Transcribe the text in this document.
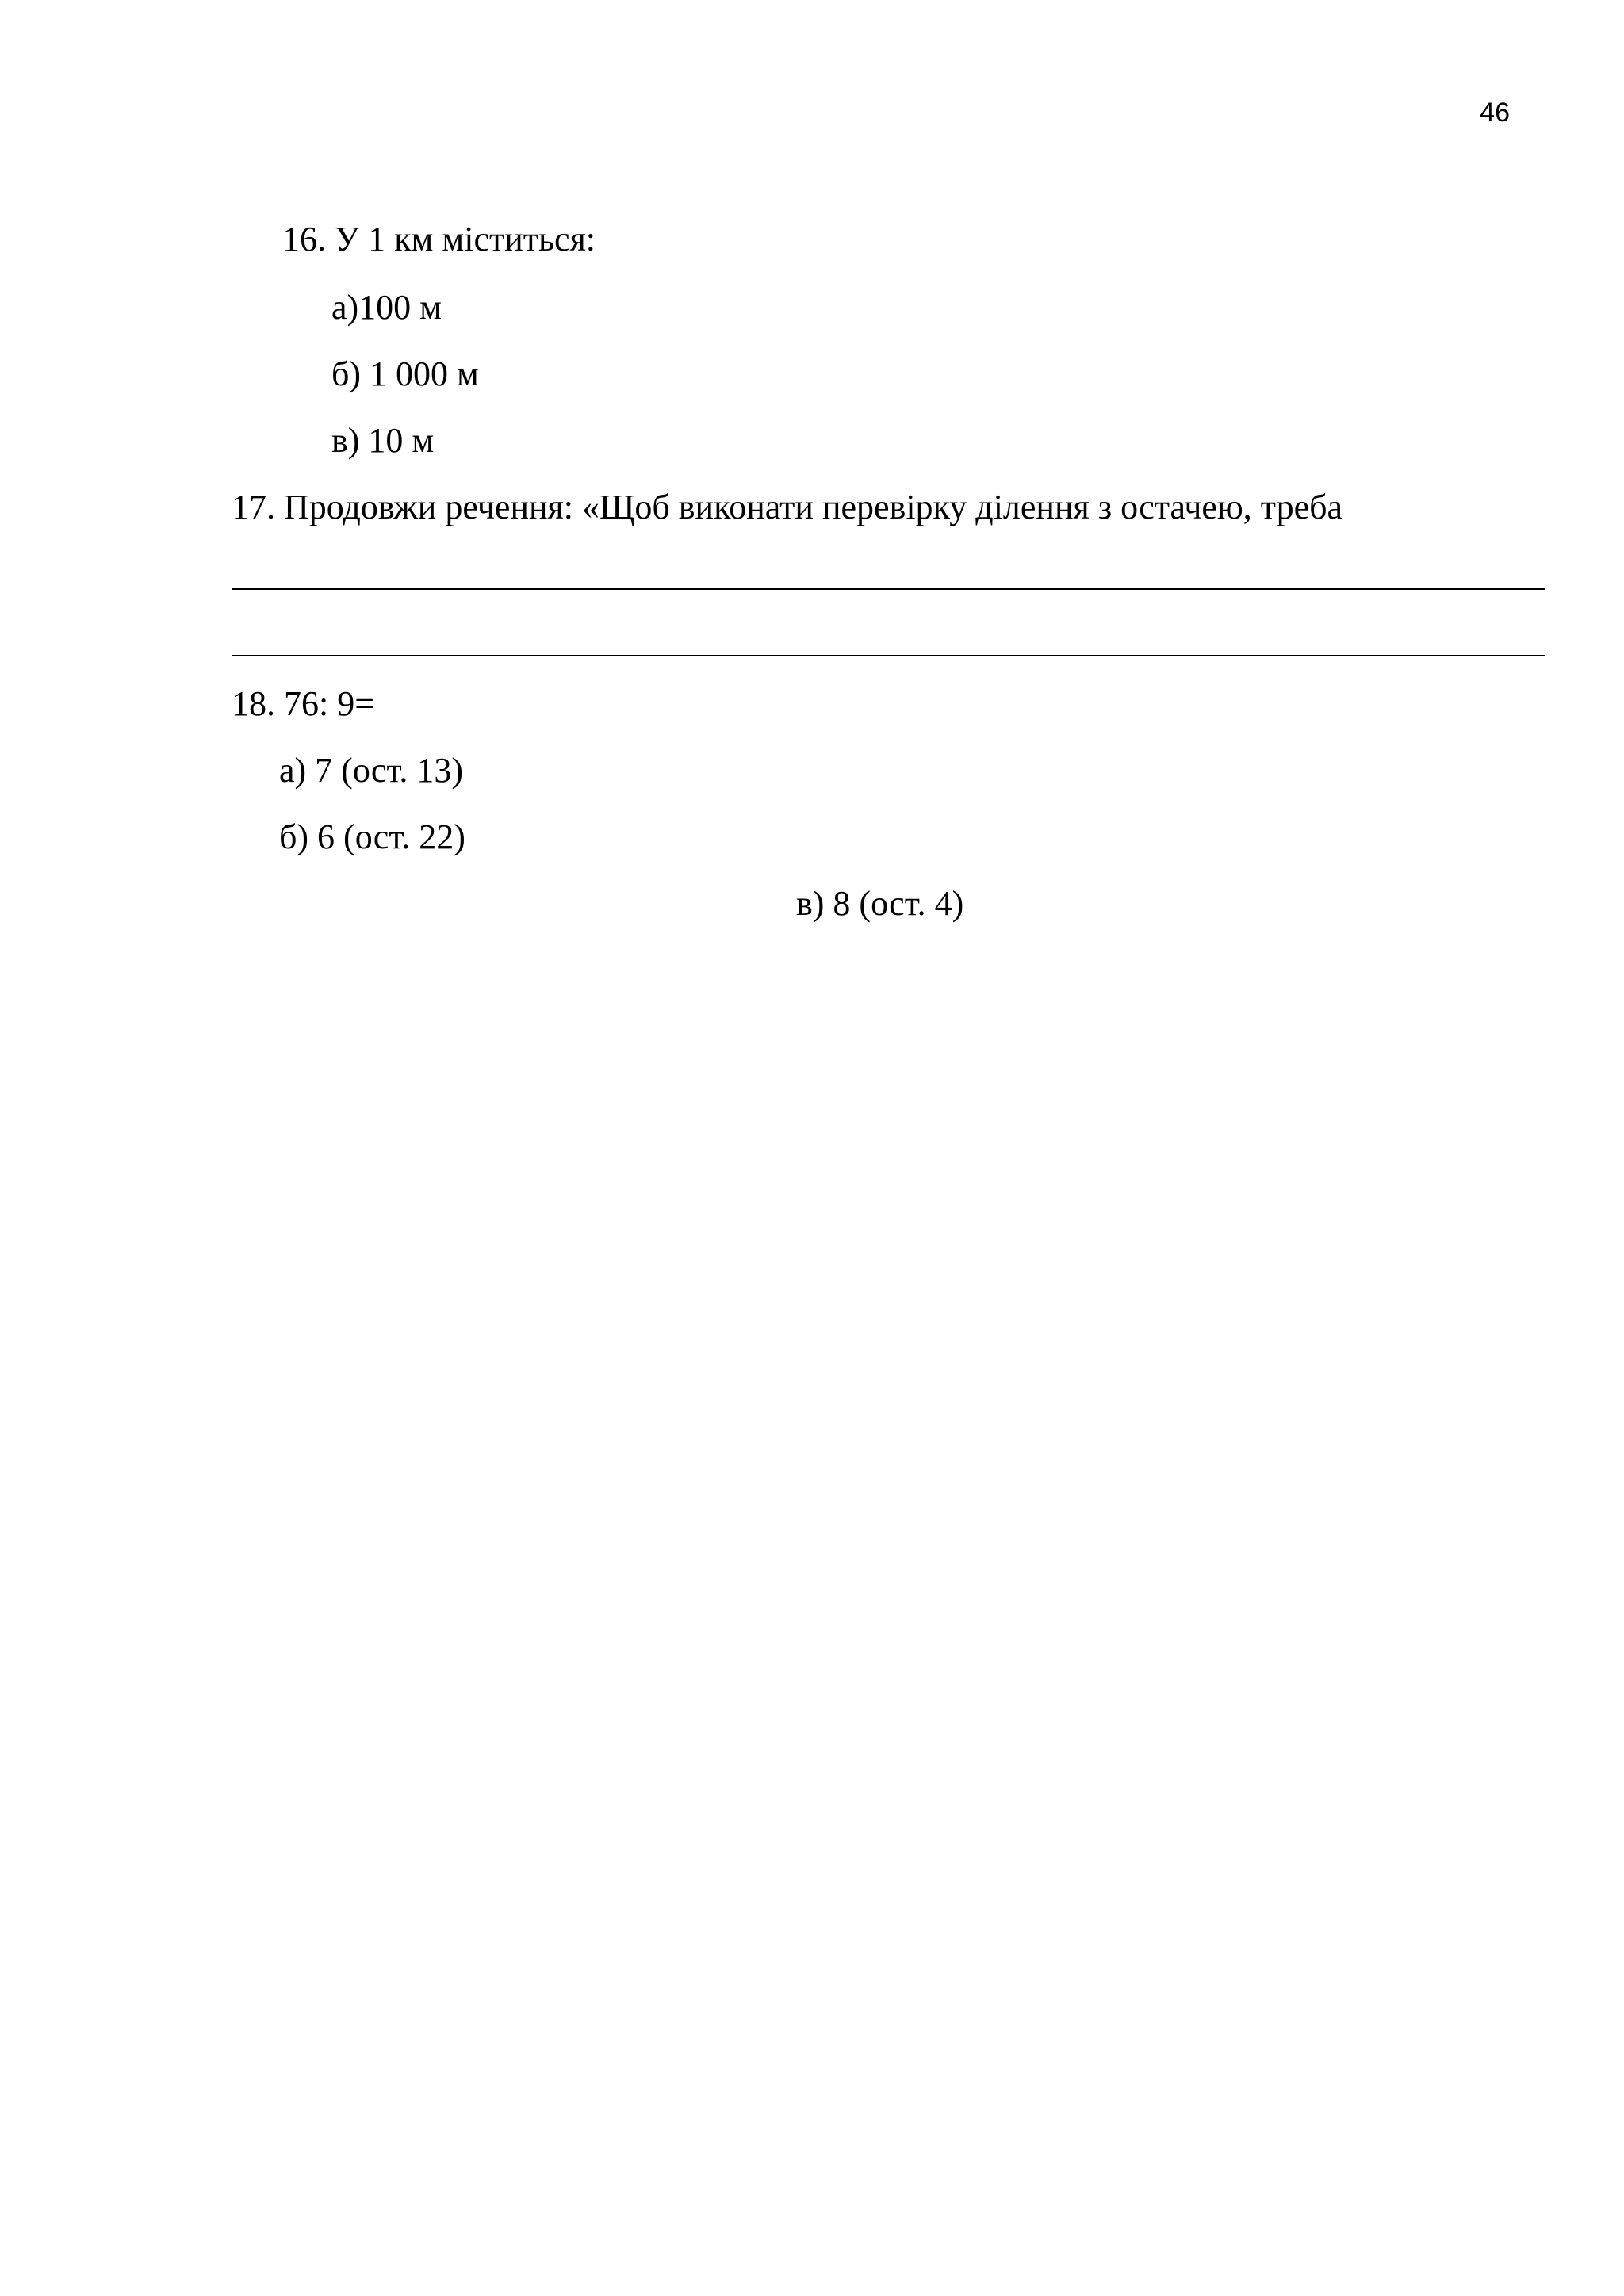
46
16. У 1 км міститься:
а)100 м
б) 1 000 м
в) 10 м
17. Продовжи речення: «Щоб виконати перевірку ділення з остачею, треба
18. 76: 9=
а) 7 (ост. 13)
б) 6 (ост. 22)
в) 8 (ост. 4)
